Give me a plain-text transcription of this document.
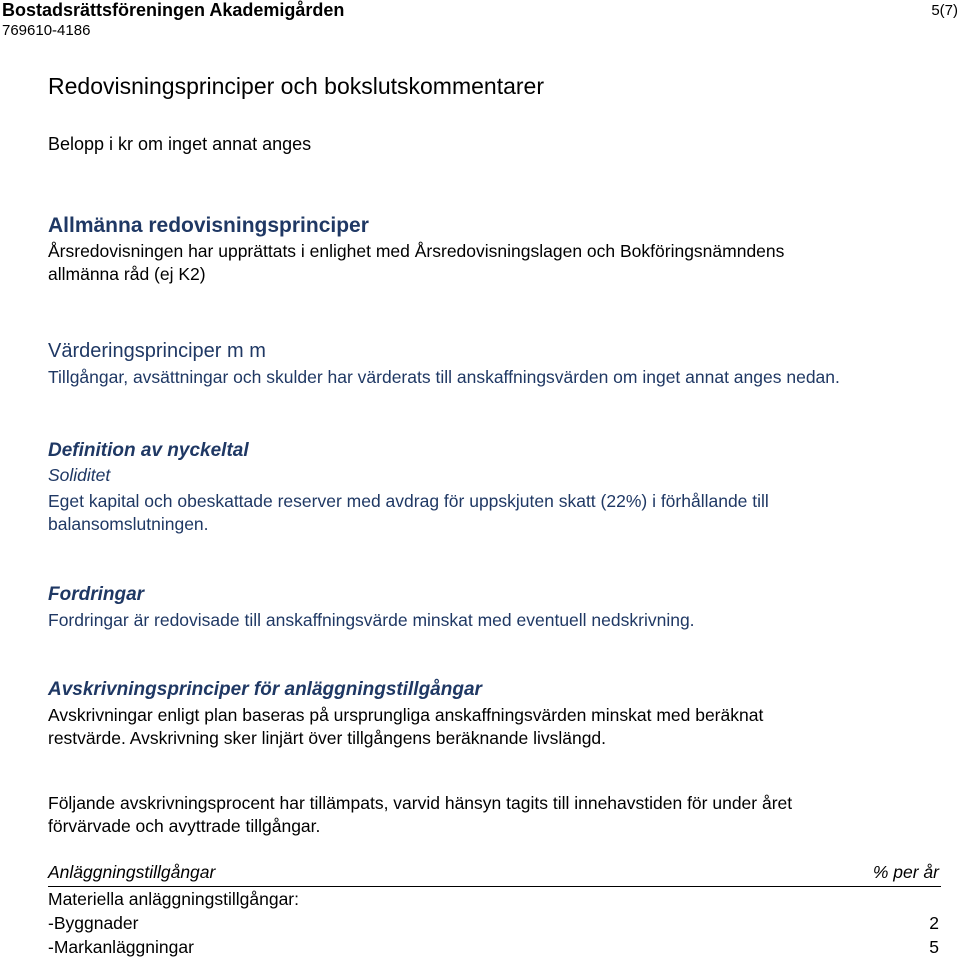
Bostadsrättsföreningen Akademigården
769610-4186
5(7)
Redovisningsprinciper och bokslutskommentarer
Belopp i kr om inget annat anges
Allmänna redovisningsprinciper
Årsredovisningen har upprättats i enlighet med Årsredovisningslagen och Bokföringsnämndens
allmänna råd (ej K2)
Värderingsprinciper m m
Tillgångar, avsättningar och skulder har värderats till anskaffningsvärden om inget annat anges nedan.
Definition av nyckeltal
Soliditet
Eget kapital och obeskattade reserver med avdrag för uppskjuten skatt (22%) i förhållande till
balansomslutningen.
Fordringar
Fordringar är redovisade till anskaffningsvärde minskat med eventuell nedskrivning.
Avskrivningsprinciper för anläggningstillgångar
Avskrivningar enligt plan baseras på ursprungliga anskaffningsvärden minskat med beräknat
restvärde. Avskrivning sker linjärt över tillgångens beräknande livslängd.
Följande avskrivningsprocent har tillämpats, varvid hänsyn tagits till innehavstiden för under året
förvärvade och avyttrade tillgångar.
Anläggningstillgångar	% per år
Materiella anläggningstillgångar:
-Byggnader	2
-Markanläggningar	5
